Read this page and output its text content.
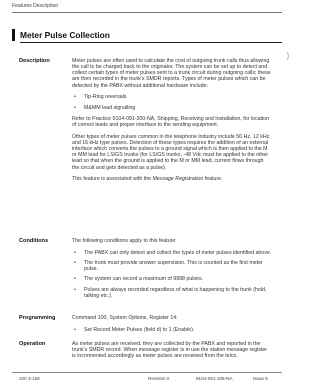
Features Description
)
Meter Pulse Collection
Description	Meter pulses are often used to calculate the cost of outgoing trunk calls thus allowing the call to be charged back to the originator. The system can be set up to detect and collect certain types of meter pulses sent to a trunk circuit during outgoing calls; these are then recorded in the trunk's SMDR reports. Types of meter pulses which can be detected by the PABX without additional hardware include:

• Tip-Ring reversals
• M&MM lead signalling

Refer to Practice 9104-091-200-NA, Shipping, Receiving and Installation, for location of correct leads and proper interface to the sending equipment.

Other types of meter pulses common in the telephone industry include 50 Hz, 12 kHz, and 16 kHz type pulses. Detection of these types requires the addition of an external interface which converts the pulses to a ground signal which is then applied to the M or MM lead for LS/GS trunks (for LS/GS trunks, -48 Vdc must be applied to the other lead so that when the ground is applied to the M or MM lead, current flows through the circuit and gets detected as a pulse).

This feature is associated with the Message Registration feature.

Conditions	The following conditions apply to this feature:

• The PABX can only detect and collect the types of meter pulses identified above.
• The trunk must provide answer supervision. This is counted as the first meter pulse.
• The system can record a maximum of 9998 pulses.
• Pulses are always recorded regardless of what is happening to the trunk (hold, talking etc.).
Programming	Command 100, System Options, Register 14:

• Set Record Meter Pulses (field d) to 1 (Enable).
Operation	As meter pulses are received, they are collected by the PABX and reported in the trunk's SMDR record. When message register is in use the station message register is incremented accordingly as meter pulses are received from the telco.

100 3-156	Revision 0	9104-091-105-NA	Issue 5
